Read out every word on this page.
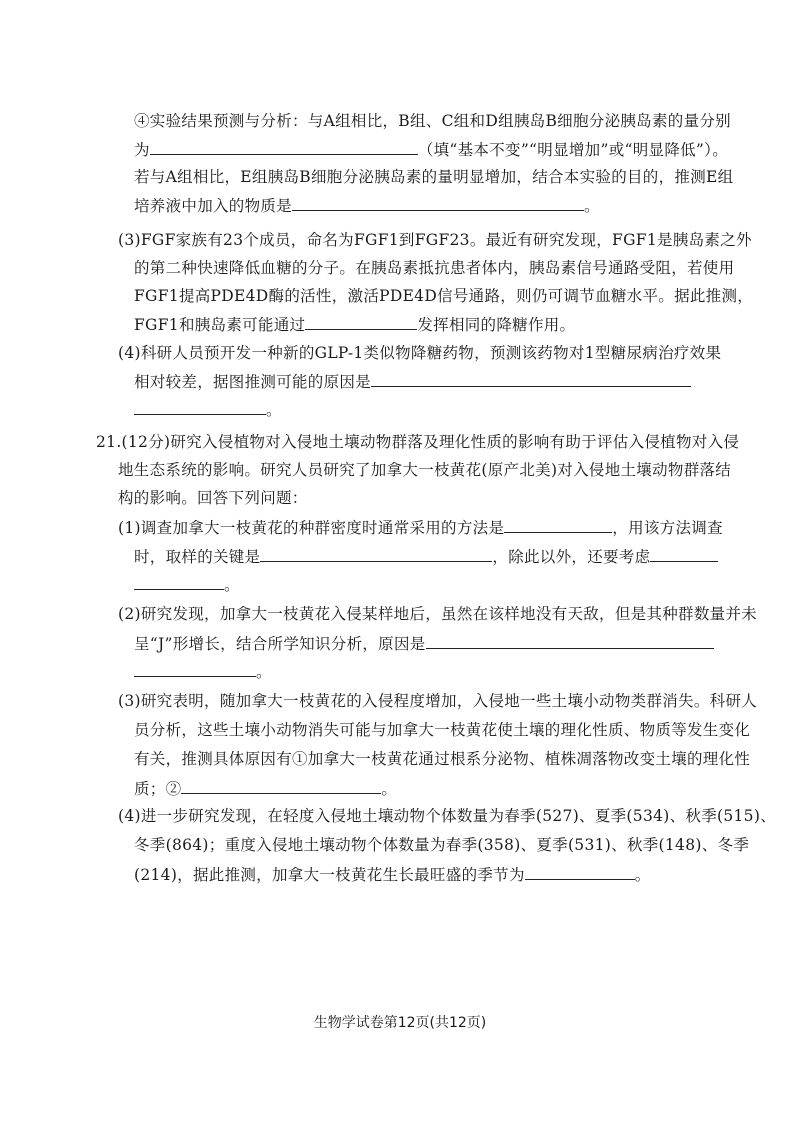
④实验结果预测与分析：与A组相比，B组、C组和D组胰岛B细胞分泌胰岛素的量分别
为	（填“基本不变”“明显增加”或“明显降低”）。
若与A组相比，E组胰岛B细胞分泌胰岛素的量明显增加，结合本实验的目的，推测E组
培养液中加入的物质是	。
(3)FGF家族有23个成员，命名为FGF1到FGF23。最近有研究发现，FGF1是胰岛素之外
的第二种快速降低血糖的分子。在胰岛素抵抗患者体内，胰岛素信号通路受阻，若使用
FGF1提高PDE4D酶的活性，激活PDE4D信号通路，则仍可调节血糖水平。据此推测，
FGF1和胰岛素可能通过	发挥相同的降糖作用。
(4)科研人员预开发一种新的GLP-1类似物降糖药物，预测该药物对1型糖尿病治疗效果
相对较差，据图推测可能的原因是
。
21.(12分)研究入侵植物对入侵地土壤动物群落及理化性质的影响有助于评估入侵植物对入侵
地生态系统的影响。研究人员研究了加拿大一枝黄花(原产北美)对入侵地土壤动物群落结
构的影响。回答下列问题：
(1)调查加拿大一枝黄花的种群密度时通常采用的方法是	，用该方法调查
时，取样的关键是	，除此以外，还要考虑
。
(2)研究发现，加拿大一枝黄花入侵某样地后，虽然在该样地没有天敌，但是其种群数量并未
呈“J”形增长，结合所学知识分析，原因是
。
(3)研究表明，随加拿大一枝黄花的入侵程度增加，入侵地一些土壤小动物类群消失。科研人
员分析，这些土壤小动物消失可能与加拿大一枝黄花使土壤的理化性质、物质等发生变化
有关，推测具体原因有①加拿大一枝黄花通过根系分泌物、植株凋落物改变土壤的理化性
质；②	。
(4)进一步研究发现，在轻度入侵地土壤动物个体数量为春季(527)、夏季(534)、秋季(515)、
冬季(864)；重度入侵地土壤动物个体数量为春季(358)、夏季(531)、秋季(148)、冬季
(214)，据此推测，加拿大一枝黄花生长最旺盛的季节为	。
生物学试卷第12页(共12页)
